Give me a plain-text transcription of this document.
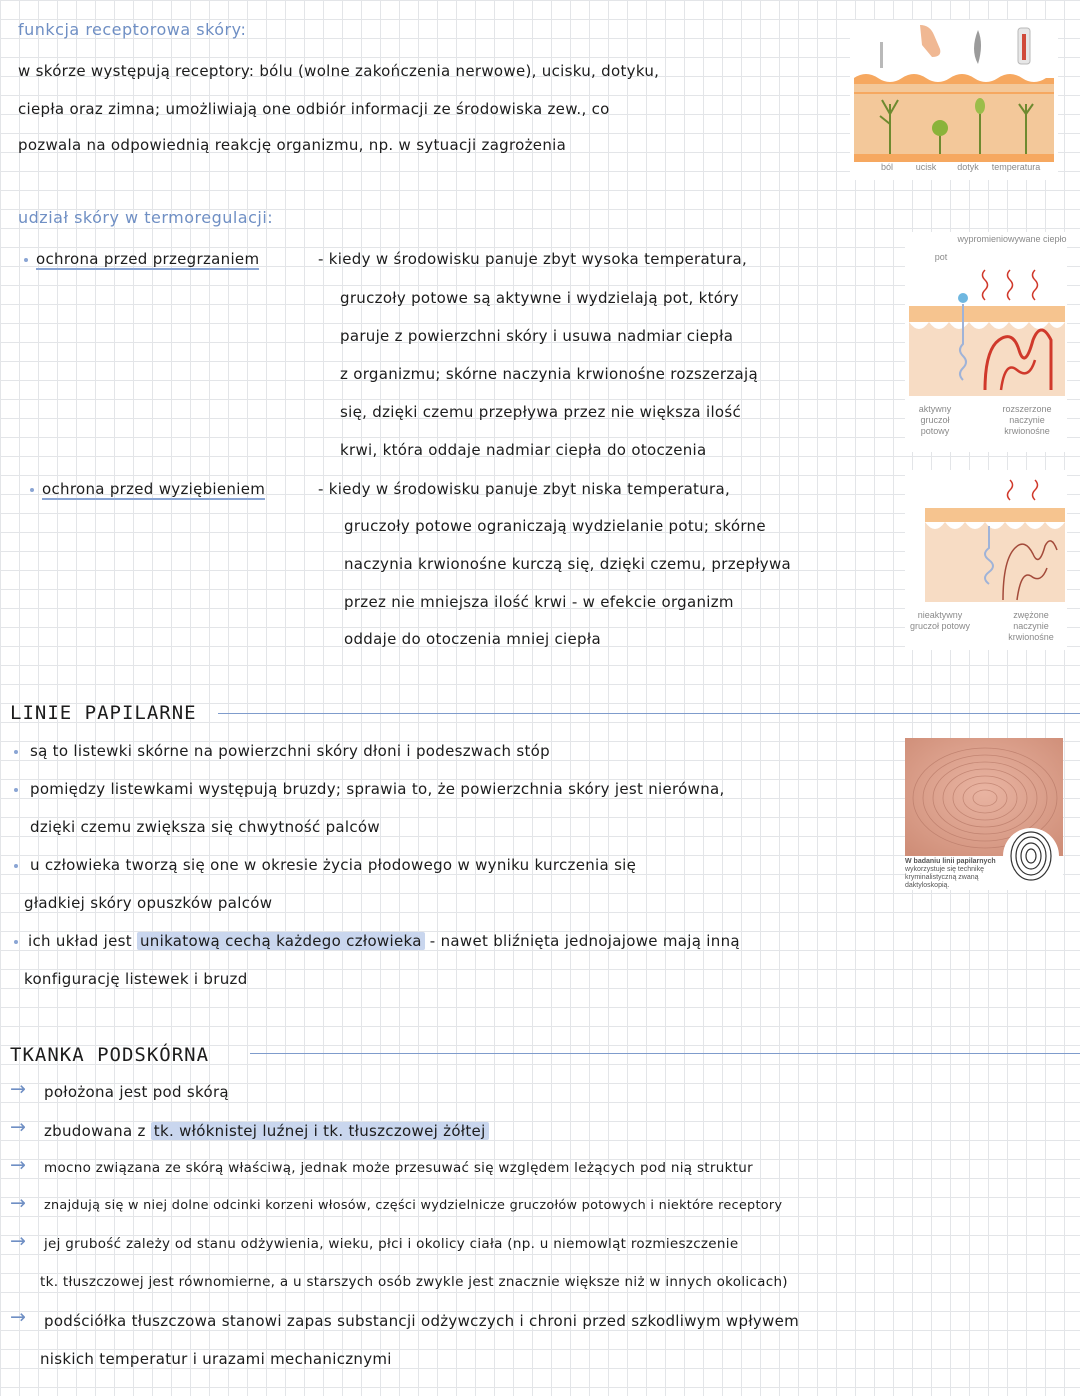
funkcja receptorowa skóry:
w skórze występują receptory: bólu (wolne zakończenia nerwowe), ucisku, dotyku,
ciepła oraz zimna; umożliwiają one odbiór informacji ze środowiska zew., co
pozwala na odpowiednią reakcję organizmu, np. w sytuacji zagrożenia
ból	ucisk	dotyk	temperatura
udział skóry w termoregulacji:
ochrona przed przegrzaniem	- kiedy w środowisku panuje zbyt wysoka temperatura,
gruczoły potowe są aktywne i wydzielają pot, który
paruje z powierzchni skóry i usuwa nadmiar ciepła
z organizmu; skórne naczynia krwionośne rozszerzają
się, dzięki czemu przepływa przez nie większa ilość
krwi, która oddaje nadmiar ciepła do otoczenia
ochrona przed wyziębieniem	- kiedy w środowisku panuje zbyt niska temperatura,
gruczoły potowe ograniczają wydzielanie potu; skórne
naczynia krwionośne kurczą się, dzięki czemu, przepływa
przez nie mniejsza ilość krwi - w efekcie organizm
oddaje do otoczenia mniej ciepła
wypromieniowywane ciepło
pot
aktywny gruczoł potowy
rozszerzone naczynie krwionośne
nieaktywny gruczoł potowy
zwężone naczynie krwionośne
LINIE PAPILARNE
są to listewki skórne na powierzchni skóry dłoni i podeszwach stóp
pomiędzy listewkami występują bruzdy; sprawia to, że powierzchnia skóry jest nierówna,
dzięki czemu zwiększa się chwytność palców
u człowieka tworzą się one w okresie życia płodowego w wyniku kurczenia się
gładkiej skóry opuszków palców
ich układ jest unikatową cechą każdego człowieka - nawet bliźnięta jednojajowe mają inną
konfigurację listewek i bruzd
W badaniu linii papilarnych
wykorzystuje się technikę kryminalistyczną zwaną daktyloskopią.
TKANKA PODSKÓRNA
→ położona jest pod skórą
→ zbudowana z tk. włóknistej luźnej i tk. tłuszczowej żółtej
→ mocno związana ze skórą właściwą, jednak może przesuwać się względem leżących pod nią struktur
→ znajdują się w niej dolne odcinki korzeni włosów, części wydzielnicze gruczołów potowych i niektóre receptory
→ jej grubość zależy od stanu odżywienia, wieku, płci i okolicy ciała (np. u niemowląt rozmieszczenie
tk. tłuszczowej jest równomierne, a u starszych osób zwykle jest znacznie większe niż w innych okolicach)
→ podściółka tłuszczowa stanowi zapas substancji odżywczych i chroni przed szkodliwym wpływem
niskich temperatur i urazami mechanicznymi
